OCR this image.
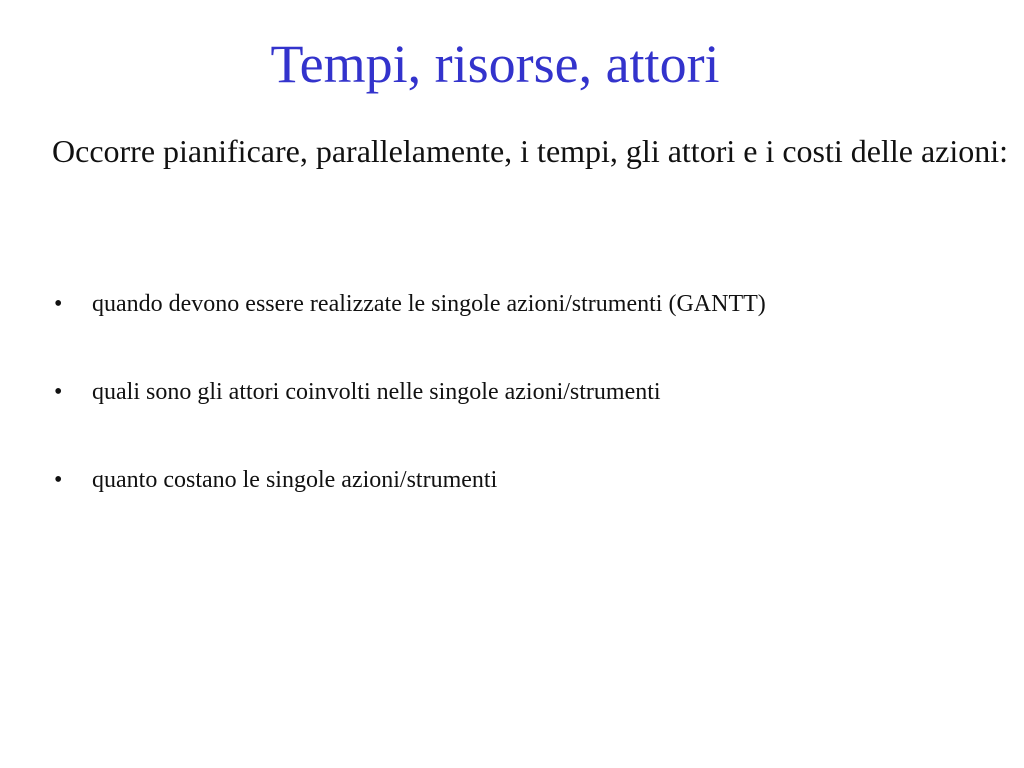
Tempi, risorse, attori

Occorre pianificare, parallelamente, i tempi, gli attori e i costi delle azioni:

• quando devono essere realizzate le singole azioni/strumenti (GANTT)
• quali sono gli attori coinvolti nelle singole azioni/strumenti
• quanto costano le singole azioni/strumenti
